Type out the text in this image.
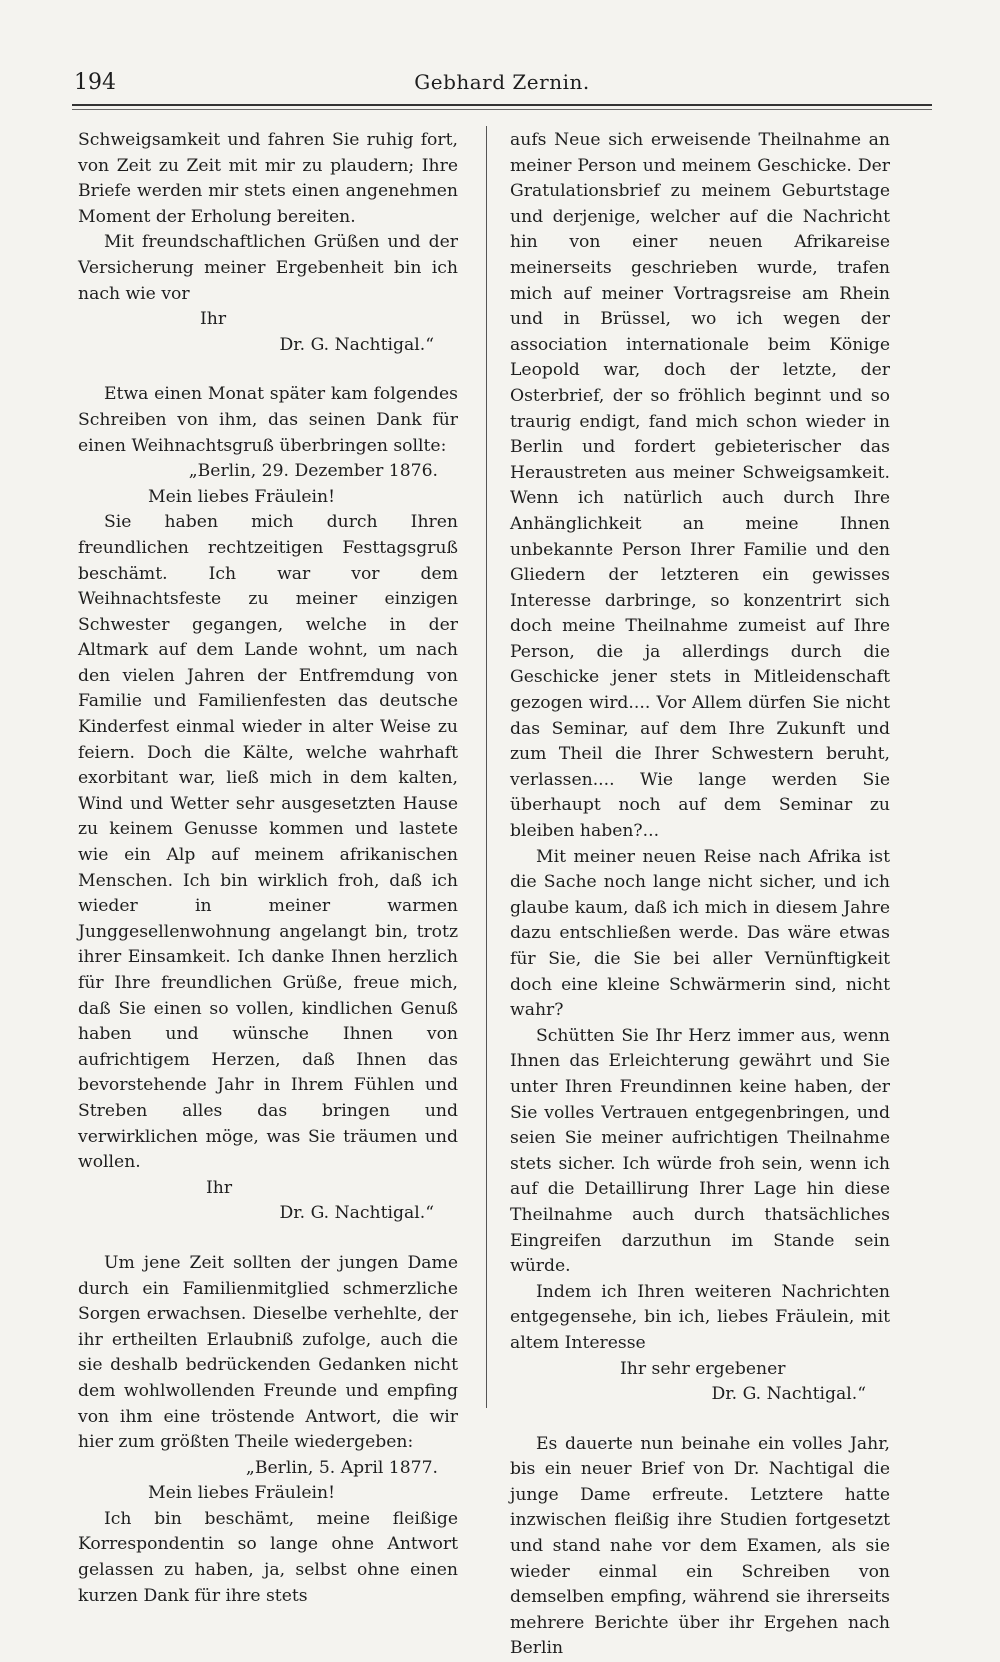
194	Gebhard Zernin.

Schweigsamkeit und fahren Sie ruhig fort, von Zeit zu Zeit mit mir zu plaudern; Ihre Briefe werden mir stets einen angenehmen Moment der Erholung bereiten.

Mit freundschaftlichen Grüßen und der Versicherung meiner Ergebenheit bin ich nach wie vor

Ihr

Dr. G. Nachtigal.“

Etwa einen Monat später kam folgendes Schreiben von ihm, das seinen Dank für einen Weihnachtsgruß überbringen sollte:

„Berlin, 29. Dezember 1876.

Mein liebes Fräulein!

Sie haben mich durch Ihren freundlichen rechtzeitigen Festtagsgruß beschämt. Ich war vor dem Weihnachtsfeste zu meiner einzigen Schwester gegangen, welche in der Altmark auf dem Lande wohnt, um nach den vielen Jahren der Entfremdung von Familie und Familienfesten das deutsche Kinderfest einmal wieder in alter Weise zu feiern. Doch die Kälte, welche wahrhaft exorbitant war, ließ mich in dem kalten, Wind und Wetter sehr ausgesetzten Hause zu keinem Genusse kommen und lastete wie ein Alp auf meinem afrikanischen Menschen. Ich bin wirklich froh, daß ich wieder in meiner warmen Junggesellenwohnung angelangt bin, trotz ihrer Einsamkeit. Ich danke Ihnen herzlich für Ihre freundlichen Grüße, freue mich, daß Sie einen so vollen, kindlichen Genuß haben und wünsche Ihnen von aufrichtigem Herzen, daß Ihnen das bevorstehende Jahr in Ihrem Fühlen und Streben alles das bringen und verwirklichen möge, was Sie träumen und wollen.

Ihr

Dr. G. Nachtigal.“

Um jene Zeit sollten der jungen Dame durch ein Familienmitglied schmerzliche Sorgen erwachsen. Dieselbe verhehlte, der ihr ertheilten Erlaubniß zufolge, auch die sie deshalb bedrückenden Gedanken nicht dem wohlwollenden Freunde und empfing von ihm eine tröstende Antwort, die wir hier zum größten Theile wiedergeben:

„Berlin, 5. April 1877.

Mein liebes Fräulein!

Ich bin beschämt, meine fleißige Korrespondentin so lange ohne Antwort gelassen zu haben, ja, selbst ohne einen kurzen Dank für ihre stets

aufs Neue sich erweisende Theilnahme an meiner Person und meinem Geschicke. Der Gratulationsbrief zu meinem Geburtstage und derjenige, welcher auf die Nachricht hin von einer neuen Afrikareise meinerseits geschrieben wurde, trafen mich auf meiner Vortragsreise am Rhein und in Brüssel, wo ich wegen der association internationale beim Könige Leopold war, doch der letzte, der Osterbrief, der so fröhlich beginnt und so traurig endigt, fand mich schon wieder in Berlin und fordert gebieterischer das Heraustreten aus meiner Schweigsamkeit. Wenn ich natürlich auch durch Ihre Anhänglichkeit an meine Ihnen unbekannte Person Ihrer Familie und den Gliedern der letzteren ein gewisses Interesse darbringe, so konzentrirt sich doch meine Theilnahme zumeist auf Ihre Person, die ja allerdings durch die Geschicke jener stets in Mitleidenschaft gezogen wird.... Vor Allem dürfen Sie nicht das Seminar, auf dem Ihre Zukunft und zum Theil die Ihrer Schwestern beruht, verlassen.... Wie lange werden Sie überhaupt noch auf dem Seminar zu bleiben haben?...

Mit meiner neuen Reise nach Afrika ist die Sache noch lange nicht sicher, und ich glaube kaum, daß ich mich in diesem Jahre dazu entschließen werde. Das wäre etwas für Sie, die Sie bei aller Vernünftigkeit doch eine kleine Schwärmerin sind, nicht wahr?

Schütten Sie Ihr Herz immer aus, wenn Ihnen das Erleichterung gewährt und Sie unter Ihren Freundinnen keine haben, der Sie volles Vertrauen entgegenbringen, und seien Sie meiner aufrichtigen Theilnahme stets sicher. Ich würde froh sein, wenn ich auf die Detaillirung Ihrer Lage hin diese Theilnahme auch durch thatsächliches Eingreifen darzuthun im Stande sein würde.

Indem ich Ihren weiteren Nachrichten entgegensehe, bin ich, liebes Fräulein, mit altem Interesse

Ihr sehr ergebener

Dr. G. Nachtigal.“

Es dauerte nun beinahe ein volles Jahr, bis ein neuer Brief von Dr. Nachtigal die junge Dame erfreute. Letztere hatte inzwischen fleißig ihre Studien fortgesetzt und stand nahe vor dem Examen, als sie wieder einmal ein Schreiben von demselben empfing, während sie ihrerseits mehrere Berichte über ihr Ergehen nach Berlin
